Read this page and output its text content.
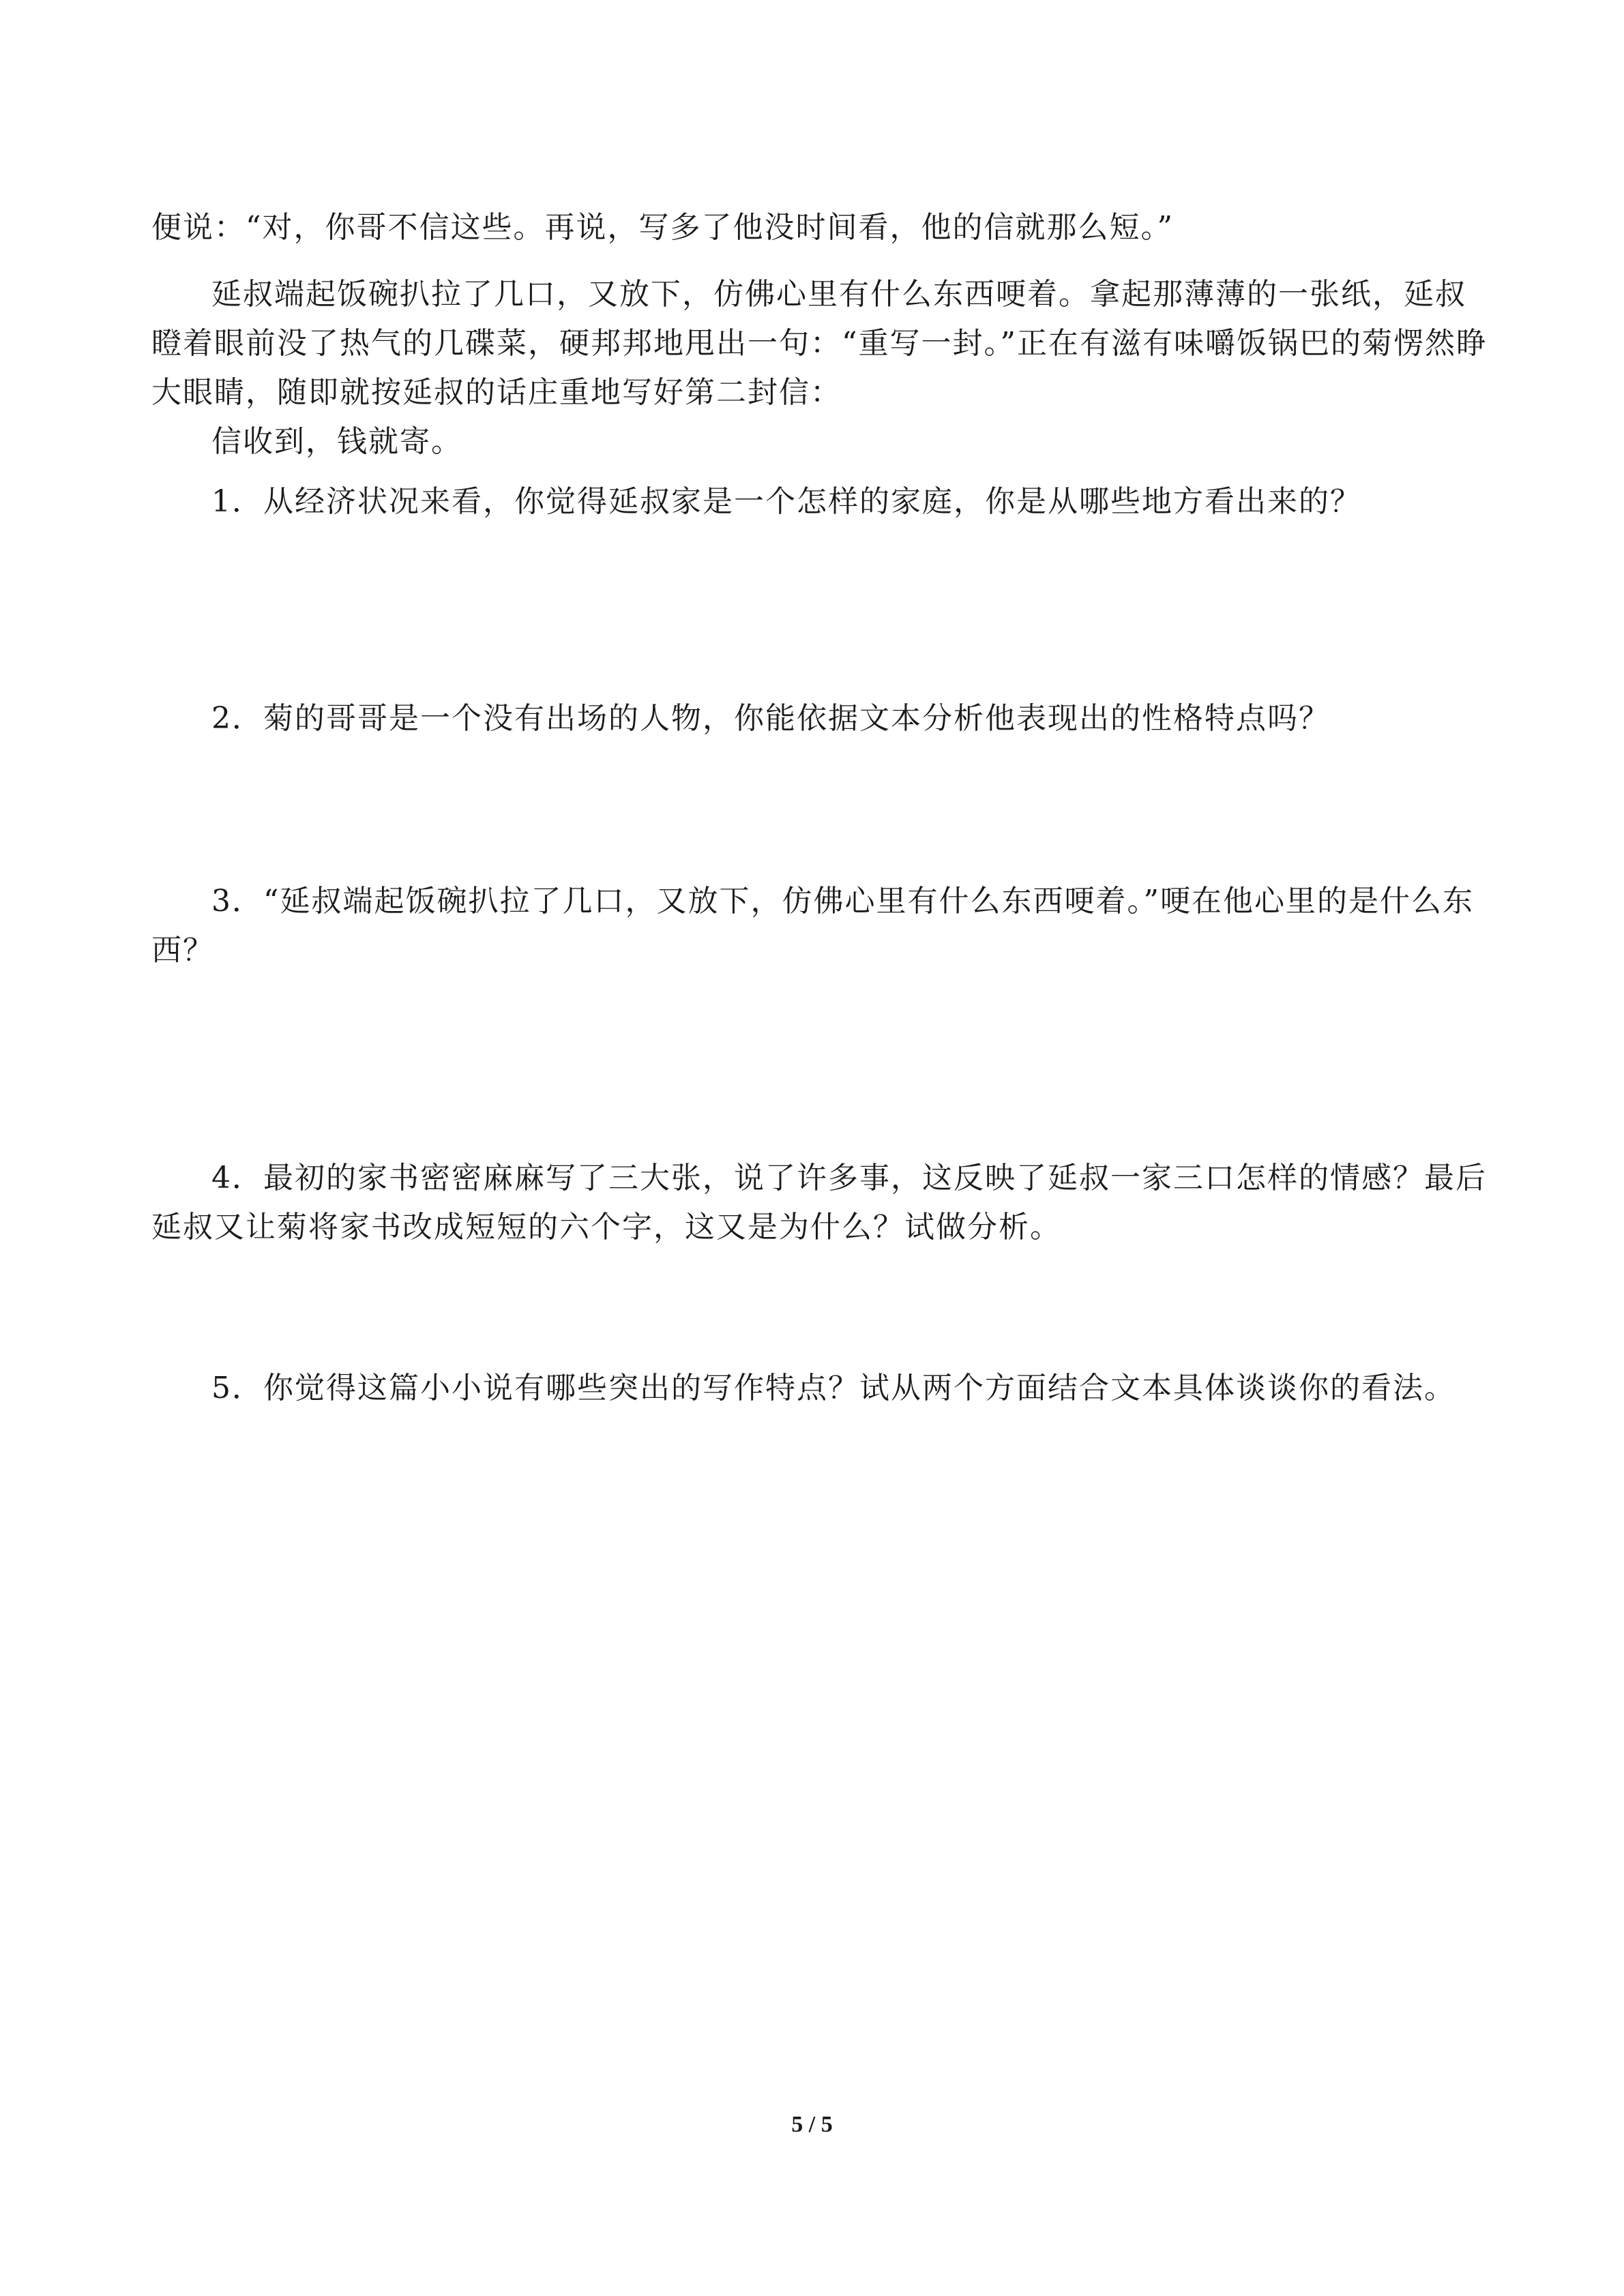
便说：“对，你哥不信这些。再说，写多了他没时间看，他的信就那么短。”

延叔端起饭碗扒拉了几口，又放下，仿佛心里有什么东西哽着。拿起那薄薄的一张纸，延叔瞪着眼前没了热气的几碟菜，硬邦邦地甩出一句：“重写一封。”正在有滋有味嚼饭锅巴的菊愣然睁大眼睛，随即就按延叔的话庄重地写好第二封信：

信收到，钱就寄。

1．从经济状况来看，你觉得延叔家是一个怎样的家庭，你是从哪些地方看出来的？

2．菊的哥哥是一个没有出场的人物，你能依据文本分析他表现出的性格特点吗？

3．“延叔端起饭碗扒拉了几口，又放下，仿佛心里有什么东西哽着。”哽在他心里的是什么东西？

4．最初的家书密密麻麻写了三大张，说了许多事，这反映了延叔一家三口怎样的情感？最后延叔又让菊将家书改成短短的六个字，这又是为什么？试做分析。

5．你觉得这篇小小说有哪些突出的写作特点？试从两个方面结合文本具体谈谈你的看法。

5 / 5
